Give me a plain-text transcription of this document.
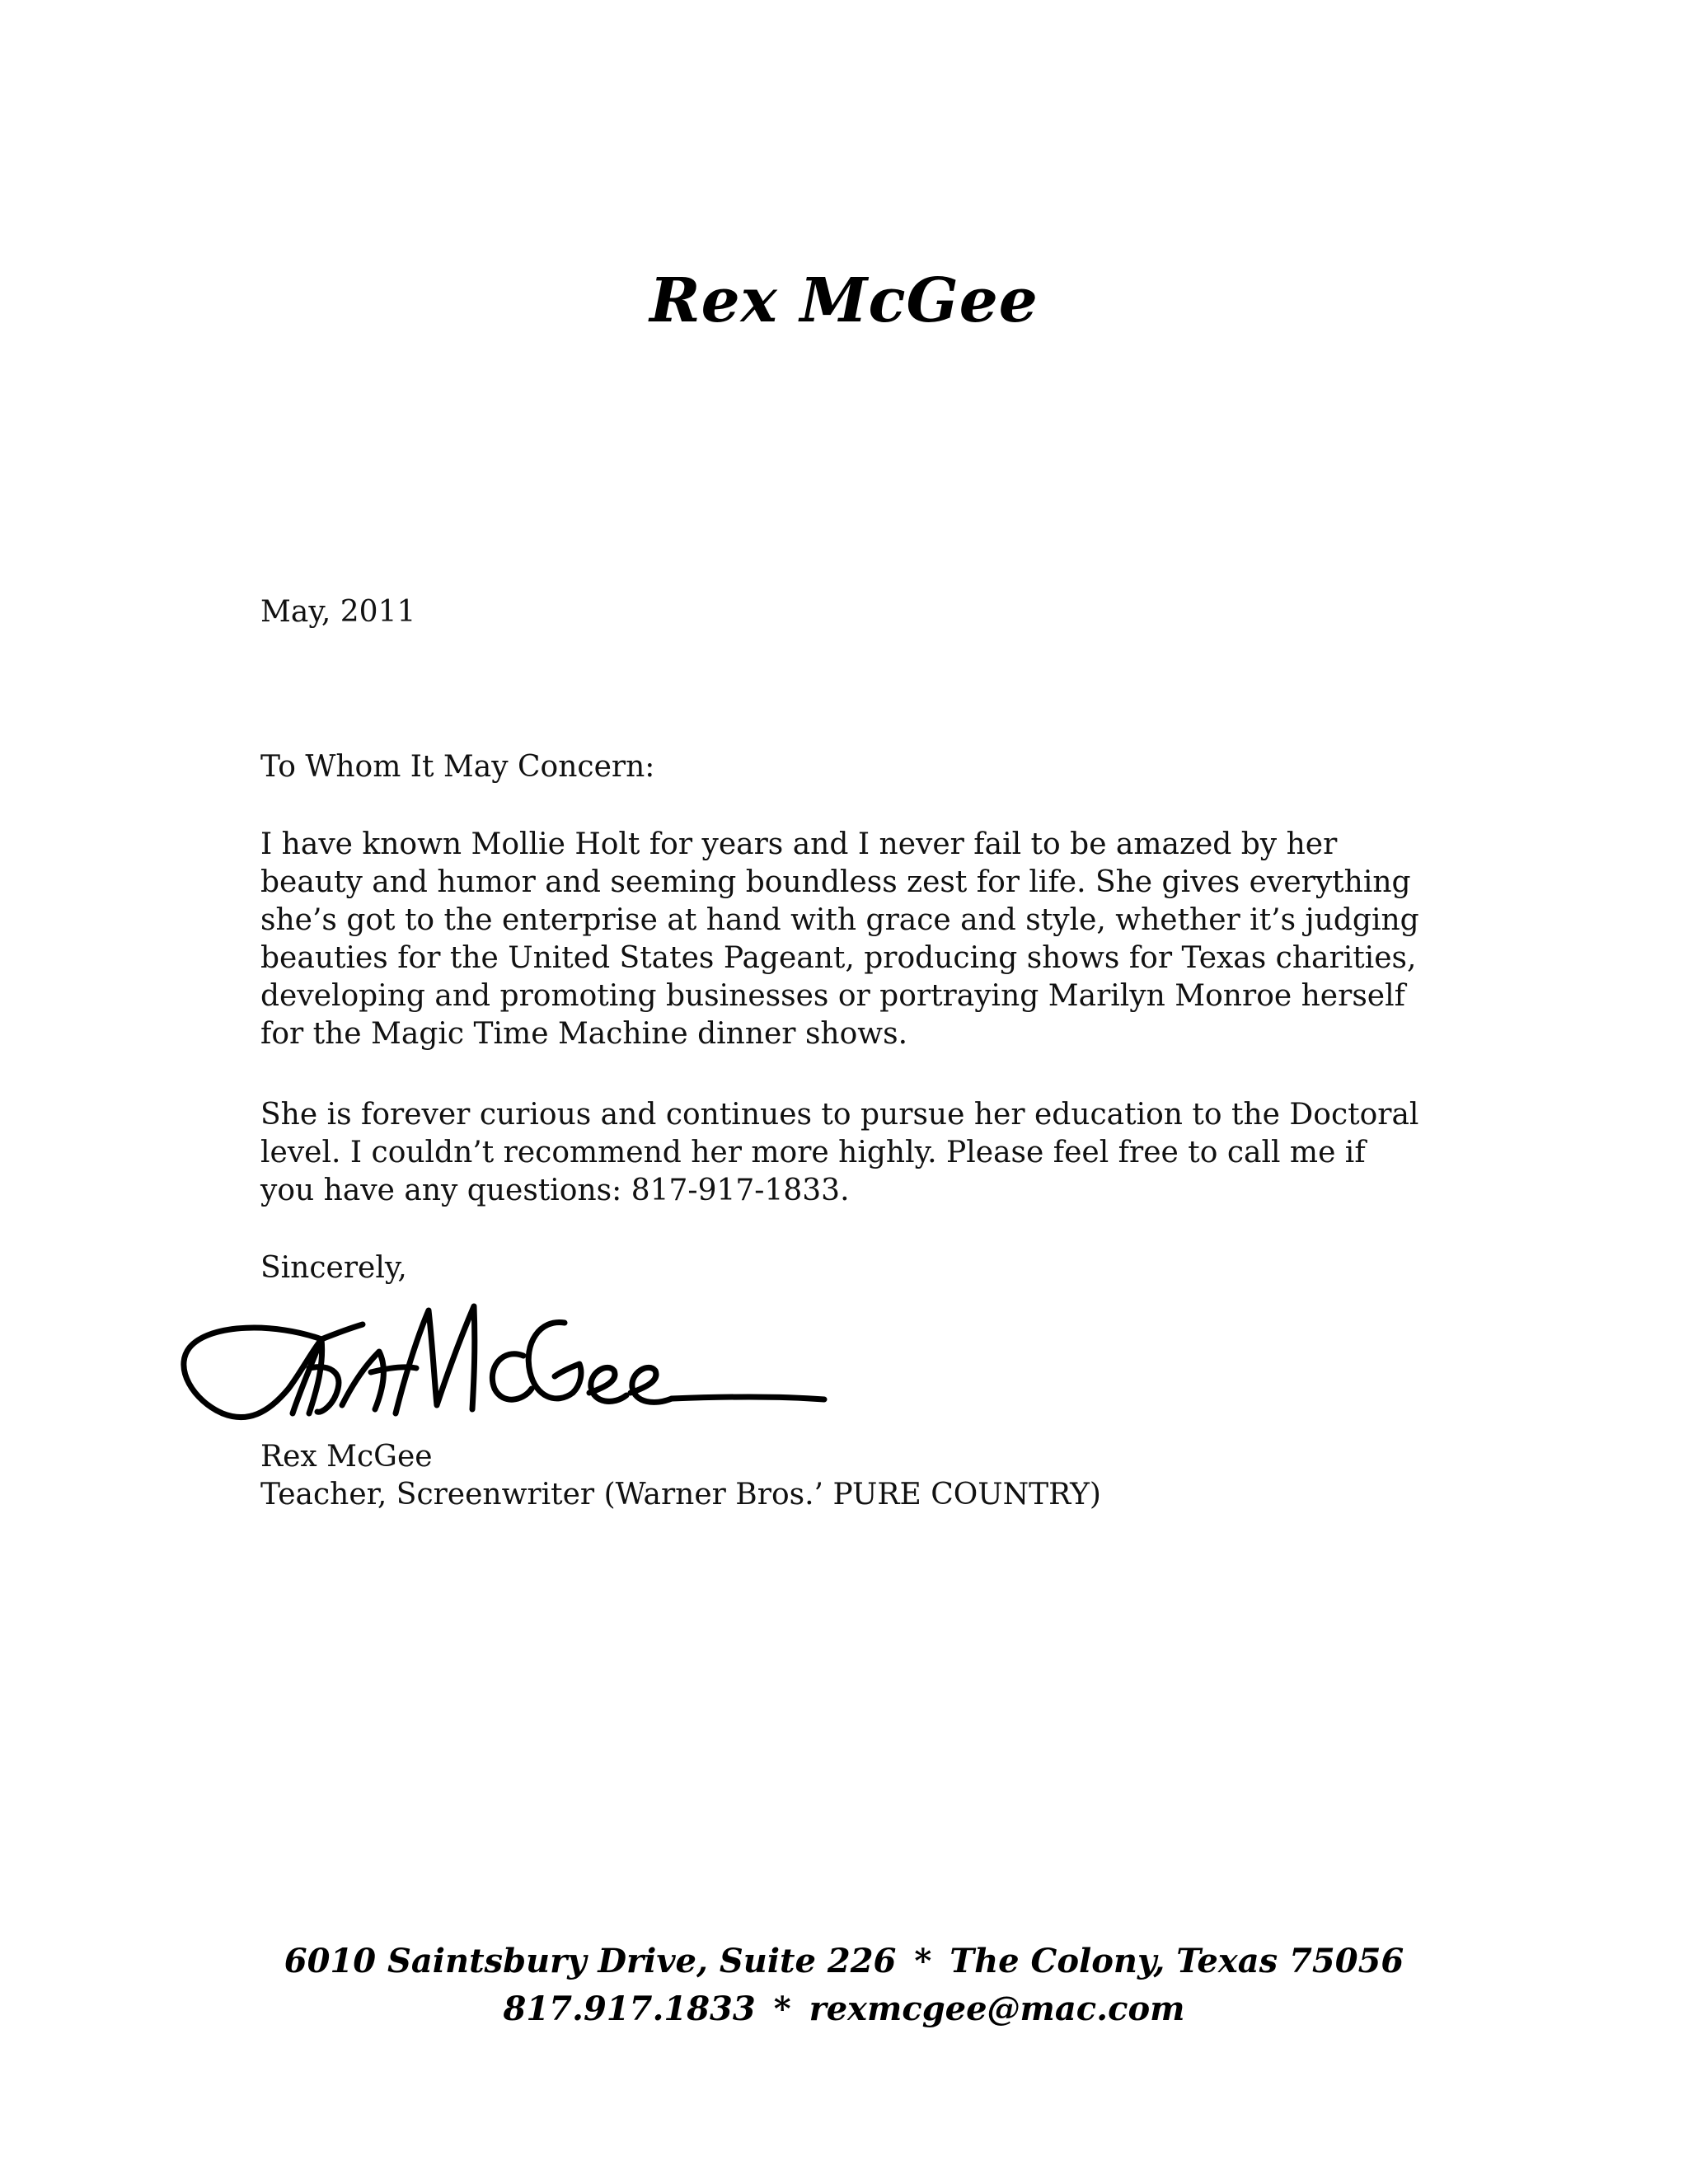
Rex McGee

May, 2011

To Whom It May Concern:

I have known Mollie Holt for years and I never fail to be amazed by her
beauty and humor and seeming boundless zest for life. She gives everything
she’s got to the enterprise at hand with grace and style, whether it’s judging
beauties for the United States Pageant, producing shows for Texas charities,
developing and promoting businesses or portraying Marilyn Monroe herself
for the Magic Time Machine dinner shows.

She is forever curious and continues to pursue her education to the Doctoral
level. I couldn’t recommend her more highly. Please feel free to call me if
you have any questions: 817-917-1833.

Sincerely,

Rex McGee

Teacher, Screenwriter (Warner Bros.’ PURE COUNTRY)

6010 Saintsbury Drive, Suite 226 * The Colony, Texas 75056
817.917.1833 * rexmcgee@mac.com
